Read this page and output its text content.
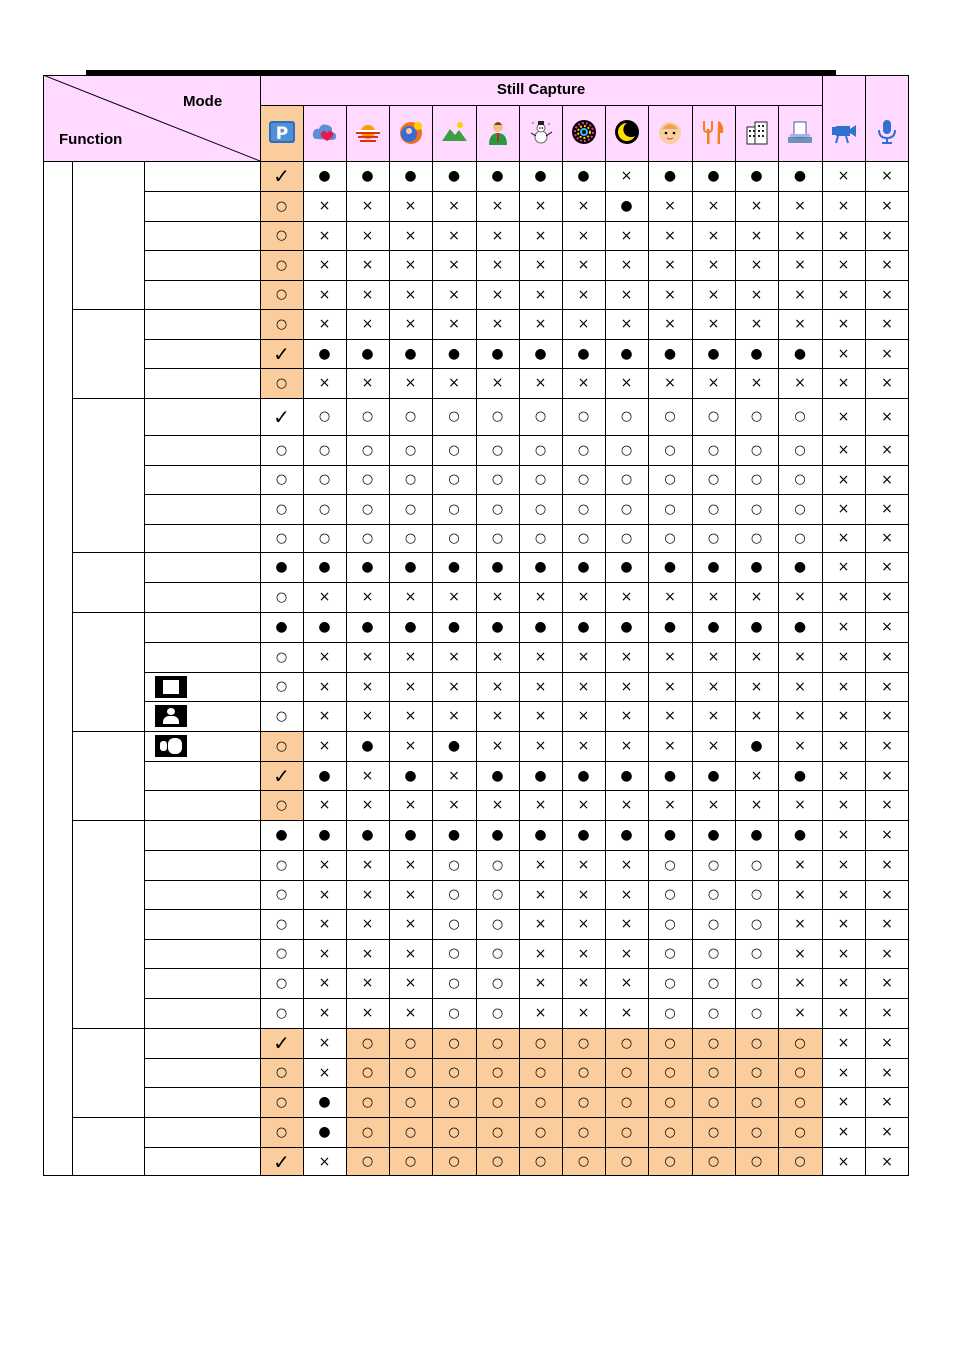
Mode
Function
Still Capture
P
✓	●	●	●	●	●	●	●	×	●	●	●	●	×	×
○	×	×	×	×	×	×	×	●	×	×	×	×	×	×
○	×	×	×	×	×	×	×	×	×	×	×	×	×	×
○	×	×	×	×	×	×	×	×	×	×	×	×	×	×
○	×	×	×	×	×	×	×	×	×	×	×	×	×	×
○	×	×	×	×	×	×	×	×	×	×	×	×	×	×
✓	●	●	●	●	●	●	●	●	●	●	●	●	×	×
○	×	×	×	×	×	×	×	×	×	×	×	×	×	×
✓	○	○	○	○	○	○	○	○	○	○	○	○	×	×
○	○	○	○	○	○	○	○	○	○	○	○	○	×	×
○	○	○	○	○	○	○	○	○	○	○	○	○	×	×
○	○	○	○	○	○	○	○	○	○	○	○	○	×	×
○	○	○	○	○	○	○	○	○	○	○	○	○	×	×
●	●	●	●	●	●	●	●	●	●	●	●	●	×	×
○	×	×	×	×	×	×	×	×	×	×	×	×	×	×
●	●	●	●	●	●	●	●	●	●	●	●	●	×	×
○	×	×	×	×	×	×	×	×	×	×	×	×	×	×
○	×	×	×	×	×	×	×	×	×	×	×	×	×	×
○	×	×	×	×	×	×	×	×	×	×	×	×	×	×
○	×	●	×	●	×	×	×	×	×	×	●	×	×	×
✓	●	×	●	×	●	●	●	●	●	●	×	●	×	×
○	×	×	×	×	×	×	×	×	×	×	×	×	×	×
●	●	●	●	●	●	●	●	●	●	●	●	●	×	×
○	×	×	×	○	○	×	×	×	○	○	○	×	×	×
○	×	×	×	○	○	×	×	×	○	○	○	×	×	×
○	×	×	×	○	○	×	×	×	○	○	○	×	×	×
○	×	×	×	○	○	×	×	×	○	○	○	×	×	×
○	×	×	×	○	○	×	×	×	○	○	○	×	×	×
○	×	×	×	○	○	×	×	×	○	○	○	×	×	×
✓	×	○	○	○	○	○	○	○	○	○	○	○	×	×
○	×	○	○	○	○	○	○	○	○	○	○	○	×	×
○	●	○	○	○	○	○	○	○	○	○	○	○	×	×
○	●	○	○	○	○	○	○	○	○	○	○	○	×	×
✓	×	○	○	○	○	○	○	○	○	○	○	○	×	×
